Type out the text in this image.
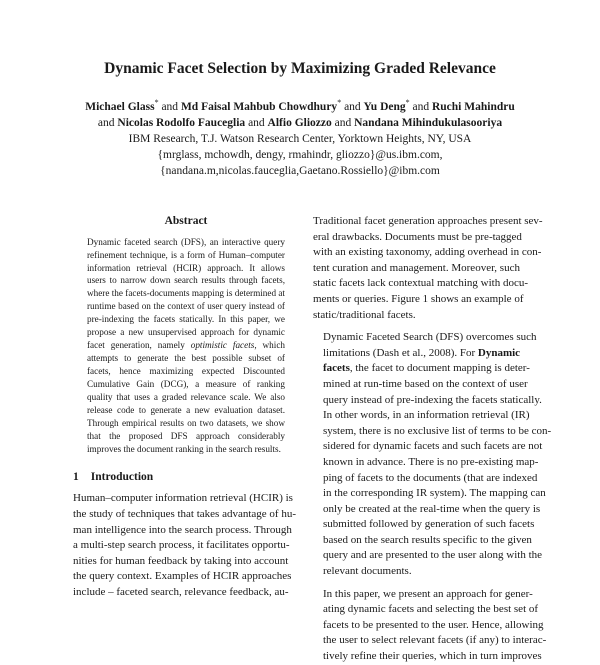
Dynamic Facet Selection by Maximizing Graded Relevance
Michael Glass* and Md Faisal Mahbub Chowdhury* and Yu Deng* and Ruchi Mahindru
and Nicolas Rodolfo Fauceglia and Alfio Gliozzo and Nandana Mihindukulasooriya
IBM Research, T.J. Watson Research Center, Yorktown Heights, NY, USA
{mrglass, mchowdh, dengy, rmahindr, gliozzo}@us.ibm.com,
{nandana.m,nicolas.fauceglia,Gaetano.Rossiello}@ibm.com
Abstract

Dynamic faceted search (DFS), an interactive query refinement technique, is a form of Human–computer information retrieval (HCIR) approach. It allows users to narrow down search results through facets, where the facets-documents mapping is determined at runtime based on the context of user query instead of pre-indexing the facets statically. In this paper, we propose a new unsupervised approach for dynamic facet generation, namely optimistic facets, which attempts to generate the best possible subset of facets, hence maximizing expected Discounted Cumulative Gain (DCG), a measure of ranking quality that uses a graded relevance scale. We also release code to generate a new evaluation dataset. Through empirical results on two datasets, we show that the proposed DFS approach considerably improves the document ranking in the search results.

1 Introduction

Human–computer information retrieval (HCIR) is
the study of techniques that takes advantage of hu-
man intelligence into the search process. Through
a multi-step search process, it facilitates opportu-
nities for human feedback by taking into account
the query context. Examples of HCIR approaches
include – faceted search, relevance feedback, au-

Traditional facet generation approaches present sev-
eral drawbacks. Documents must be pre-tagged
with an existing taxonomy, adding overhead in con-
tent curation and management. Moreover, such
static facets lack contextual matching with docu-
ments or queries. Figure 1 shows an example of
static/traditional facets.

Dynamic Faceted Search (DFS) overcomes such
limitations (Dash et al., 2008). For Dynamic
facets, the facet to document mapping is deter-
mined at run-time based on the context of user
query instead of pre-indexing the facets statically.
In other words, in an information retrieval (IR)
system, there is no exclusive list of terms to be con-
sidered for dynamic facets and such facets are not
known in advance. There is no pre-existing map-
ping of facets to the documents (that are indexed
in the corresponding IR system). The mapping can
only be created at the real-time when the query is
submitted followed by generation of such facets
based on the search results specific to the given
query and are presented to the user along with the
relevant documents.

In this paper, we present an approach for gener-
ating dynamic facets and selecting the best set of
facets to be presented to the user. Hence, allowing
the user to select relevant facets (if any) to interac-
tively refine their queries, which in turn improves
